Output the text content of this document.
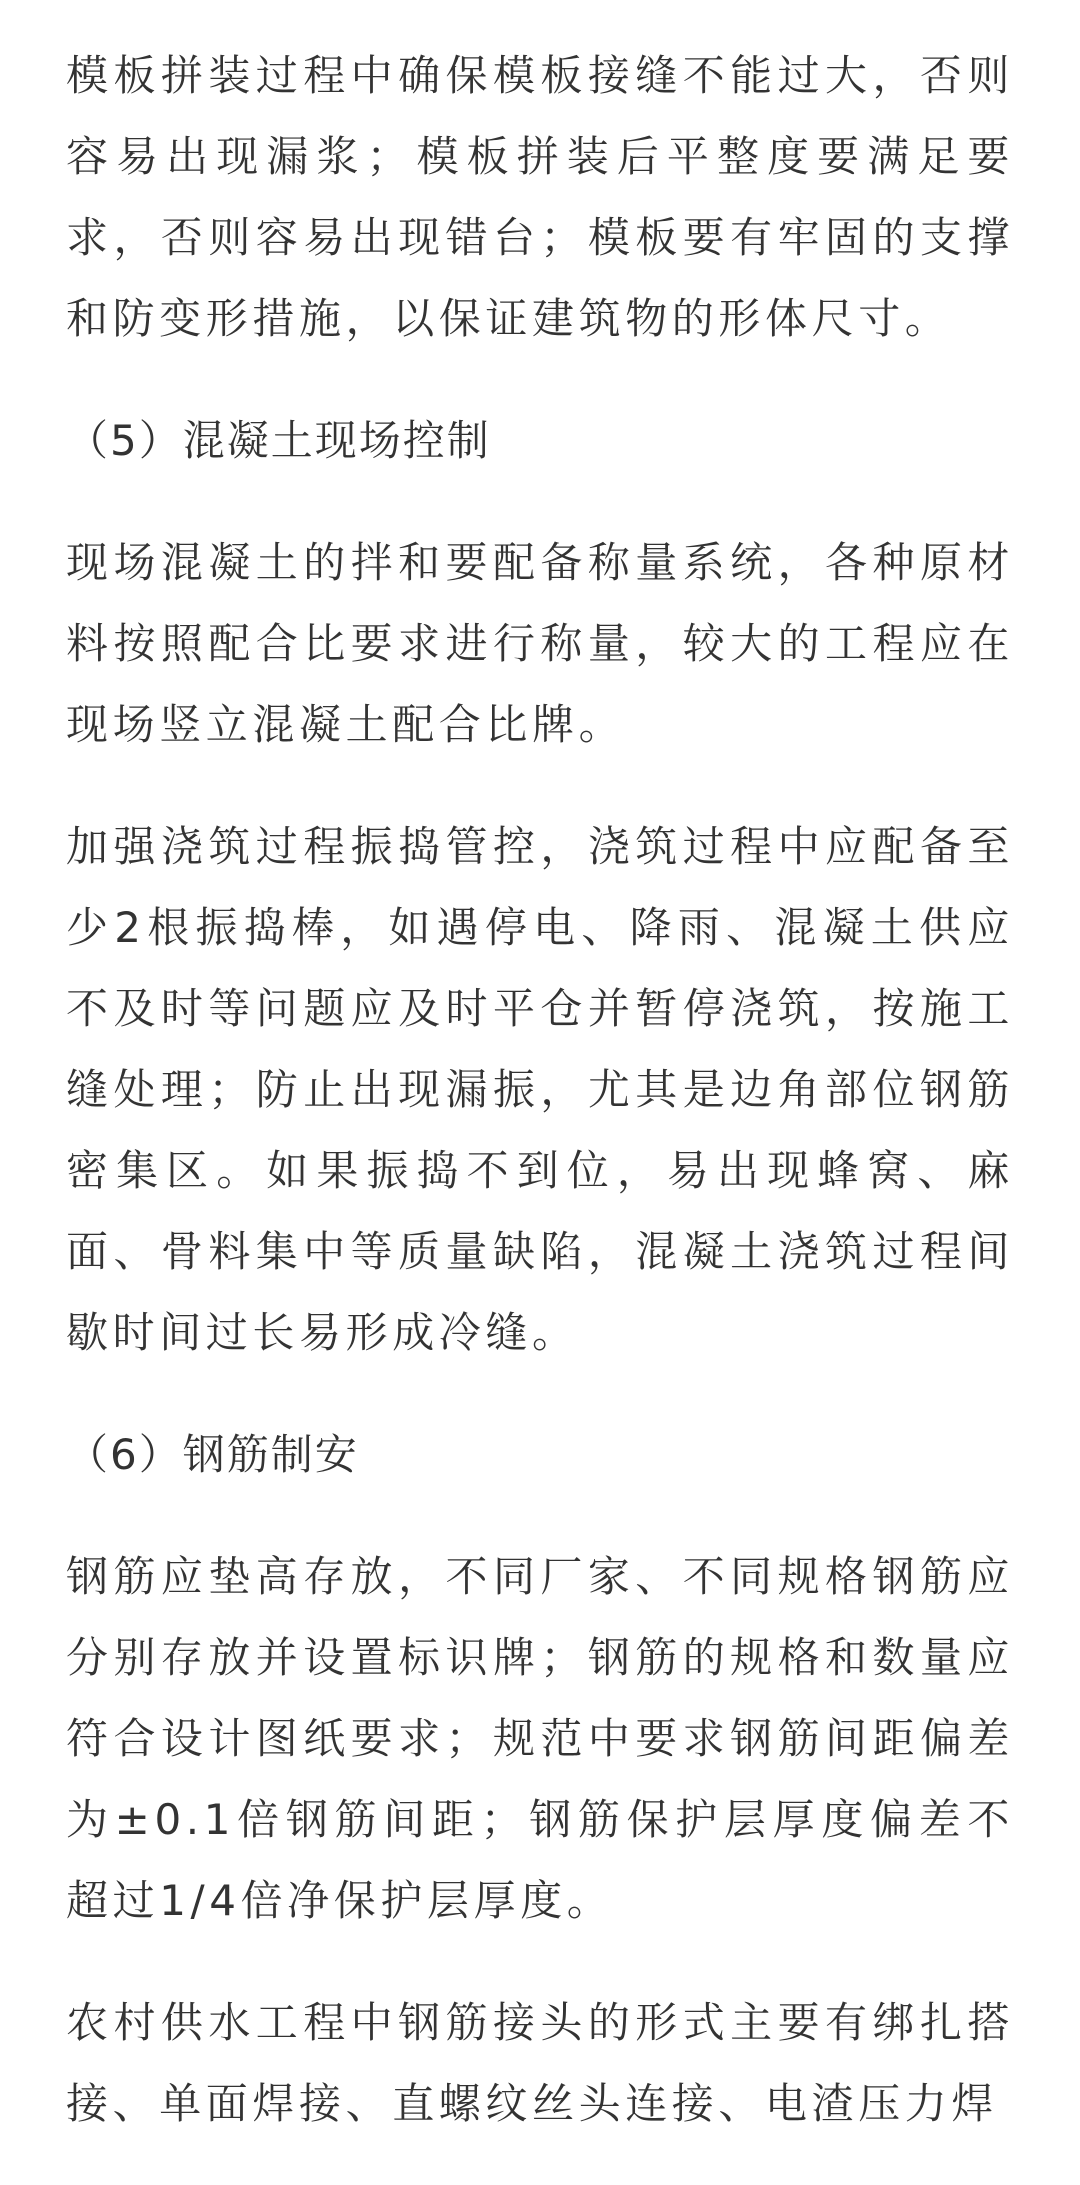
模板拼装过程中确保模板接缝不能过大，否则容易出现漏浆；模板拼装后平整度要满足要求，否则容易出现错台；模板要有牢固的支撑和防变形措施，以保证建筑物的形体尺寸。

（5）混凝土现场控制

现场混凝土的拌和要配备称量系统，各种原材料按照配合比要求进行称量，较大的工程应在现场竖立混凝土配合比牌。

加强浇筑过程振捣管控，浇筑过程中应配备至少2根振捣棒，如遇停电、降雨、混凝土供应不及时等问题应及时平仓并暂停浇筑，按施工缝处理；防止出现漏振，尤其是边角部位钢筋密集区。如果振捣不到位，易出现蜂窝、麻面、骨料集中等质量缺陷，混凝土浇筑过程间歇时间过长易形成冷缝。

（6）钢筋制安

钢筋应垫高存放，不同厂家、不同规格钢筋应分别存放并设置标识牌；钢筋的规格和数量应符合设计图纸要求；规范中要求钢筋间距偏差为±0.1倍钢筋间距；钢筋保护层厚度偏差不超过1/4倍净保护层厚度。

农村供水工程中钢筋接头的形式主要有绑扎搭接、单面焊接、直螺纹丝头连接、电渣压力焊
